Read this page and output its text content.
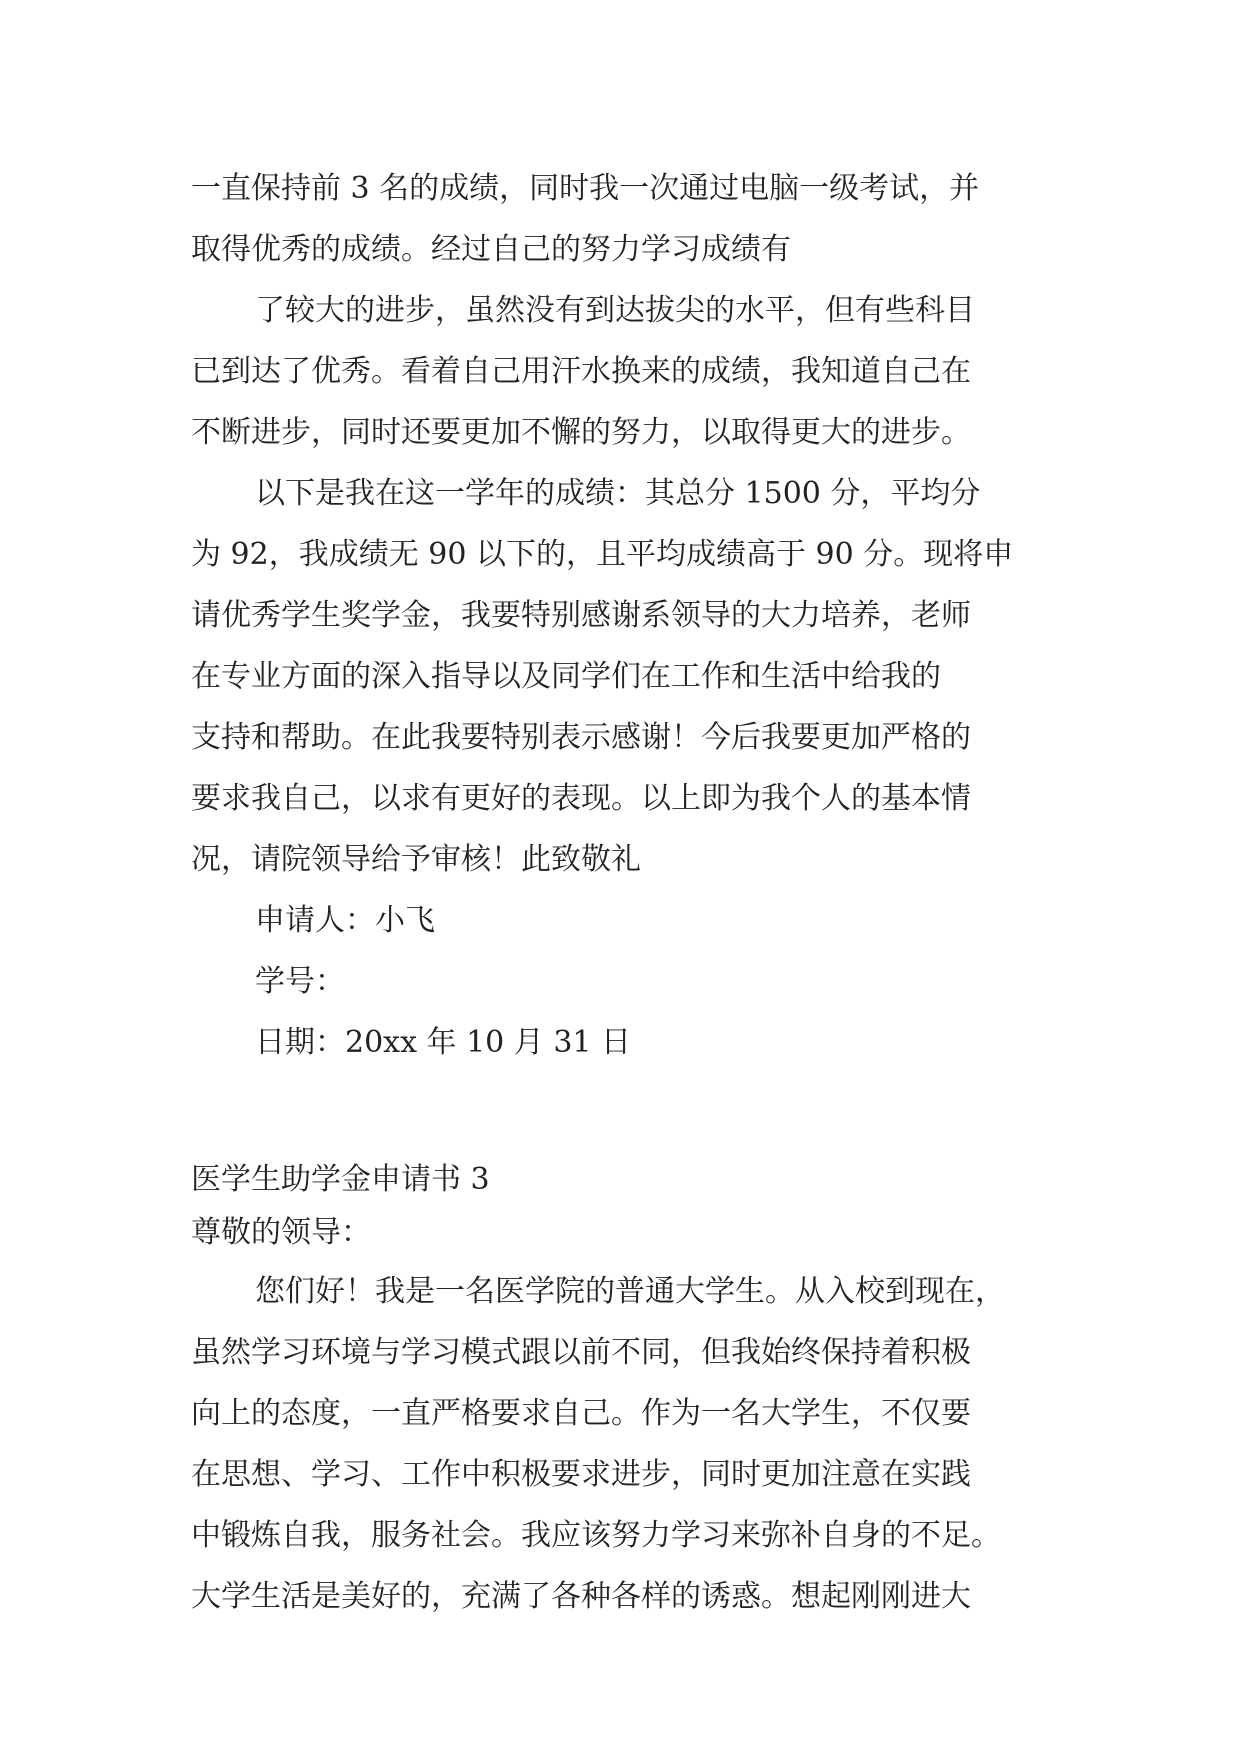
一直保持前 3 名的成绩，同时我一次通过电脑一级考试，并

取得优秀的成绩。经过自己的努力学习成绩有

了较大的进步，虽然没有到达拔尖的水平，但有些科目

已到达了优秀。看着自己用汗水换来的成绩，我知道自己在

不断进步，同时还要更加不懈的努力，以取得更大的进步。

以下是我在这一学年的成绩：其总分 1500 分，平均分

为 92，我成绩无 90 以下的，且平均成绩高于 90 分。现将申

请优秀学生奖学金，我要特别感谢系领导的大力培养，老师

在专业方面的深入指导以及同学们在工作和生活中给我的

支持和帮助。在此我要特别表示感谢！今后我要更加严格的

要求我自己，以求有更好的表现。以上即为我个人的基本情

况，请院领导给予审核！此致敬礼

申请人：小飞

学号：

日期：20xx 年 10 月 31 日

医学生助学金申请书 3

尊敬的领导：

您们好！我是一名医学院的普通大学生。从入校到现在，

虽然学习环境与学习模式跟以前不同，但我始终保持着积极

向上的态度，一直严格要求自己。作为一名大学生，不仅要

在思想、学习、工作中积极要求进步，同时更加注意在实践

中锻炼自我，服务社会。我应该努力学习来弥补自身的不足。

大学生活是美好的，充满了各种各样的诱惑。想起刚刚进大
